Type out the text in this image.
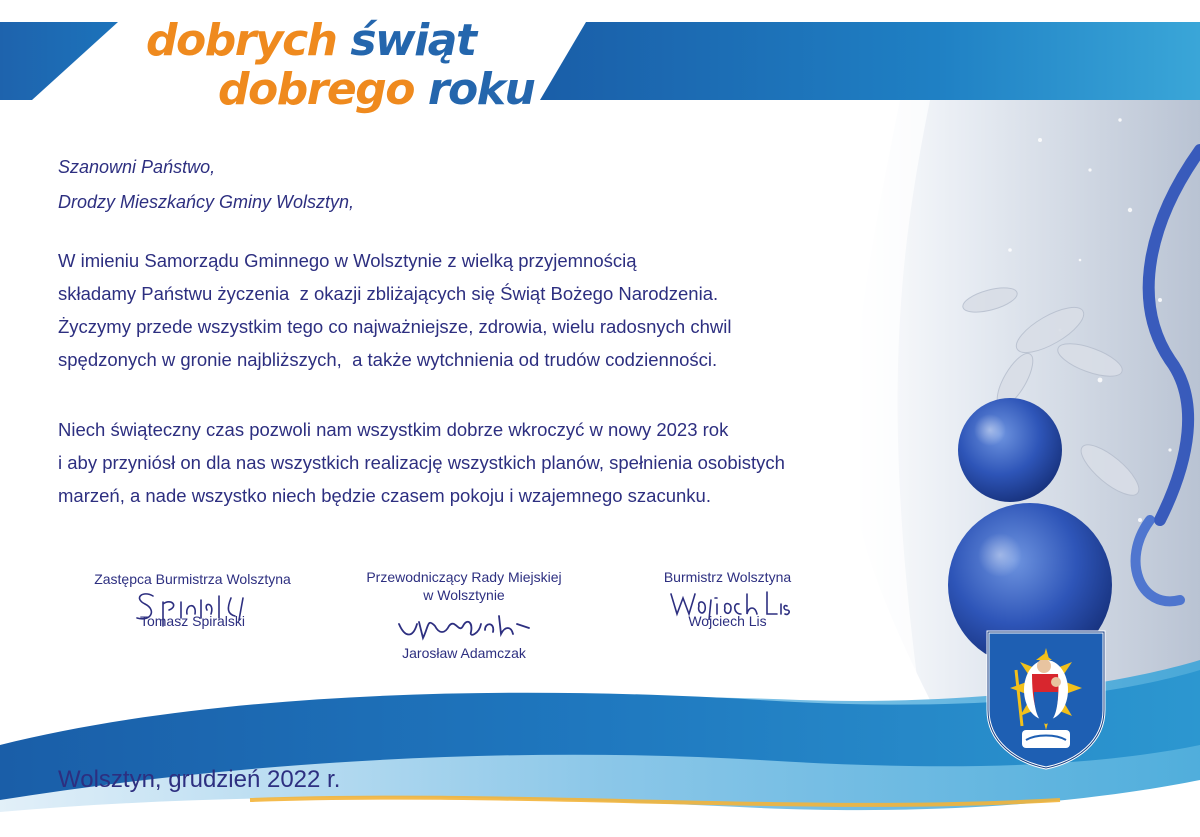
dobrych świąt
dobrego roku
Szanowni Państwo,
Drodzy Mieszkańcy Gminy Wolsztyn,
W imieniu Samorządu Gminnego w Wolsztynie z wielką przyjemnością
składamy Państwu życzenia  z okazji zbliżających się Świąt Bożego Narodzenia.
Życzymy przede wszystkim tego co najważniejsze, zdrowia, wielu radosnych chwil
spędzonych w gronie najbliższych,  a także wytchnienia od trudów codzienności.
Niech świąteczny czas pozwoli nam wszystkim dobrze wkroczyć w nowy 2023 rok
i aby przyniósł on dla nas wszystkich realizację wszystkich planów, spełnienia osobistych
marzeń, a nade wszystko niech będzie czasem pokoju i wzajemnego szacunku.
Zastępca Burmistrza Wolsztyna
Tomasz Spiralski
Przewodniczący Rady Miejskiej
w Wolsztynie
Jarosław Adamczak
Burmistrz Wolsztyna
Wojciech Lis
Wolsztyn, grudzień 2022 r.
